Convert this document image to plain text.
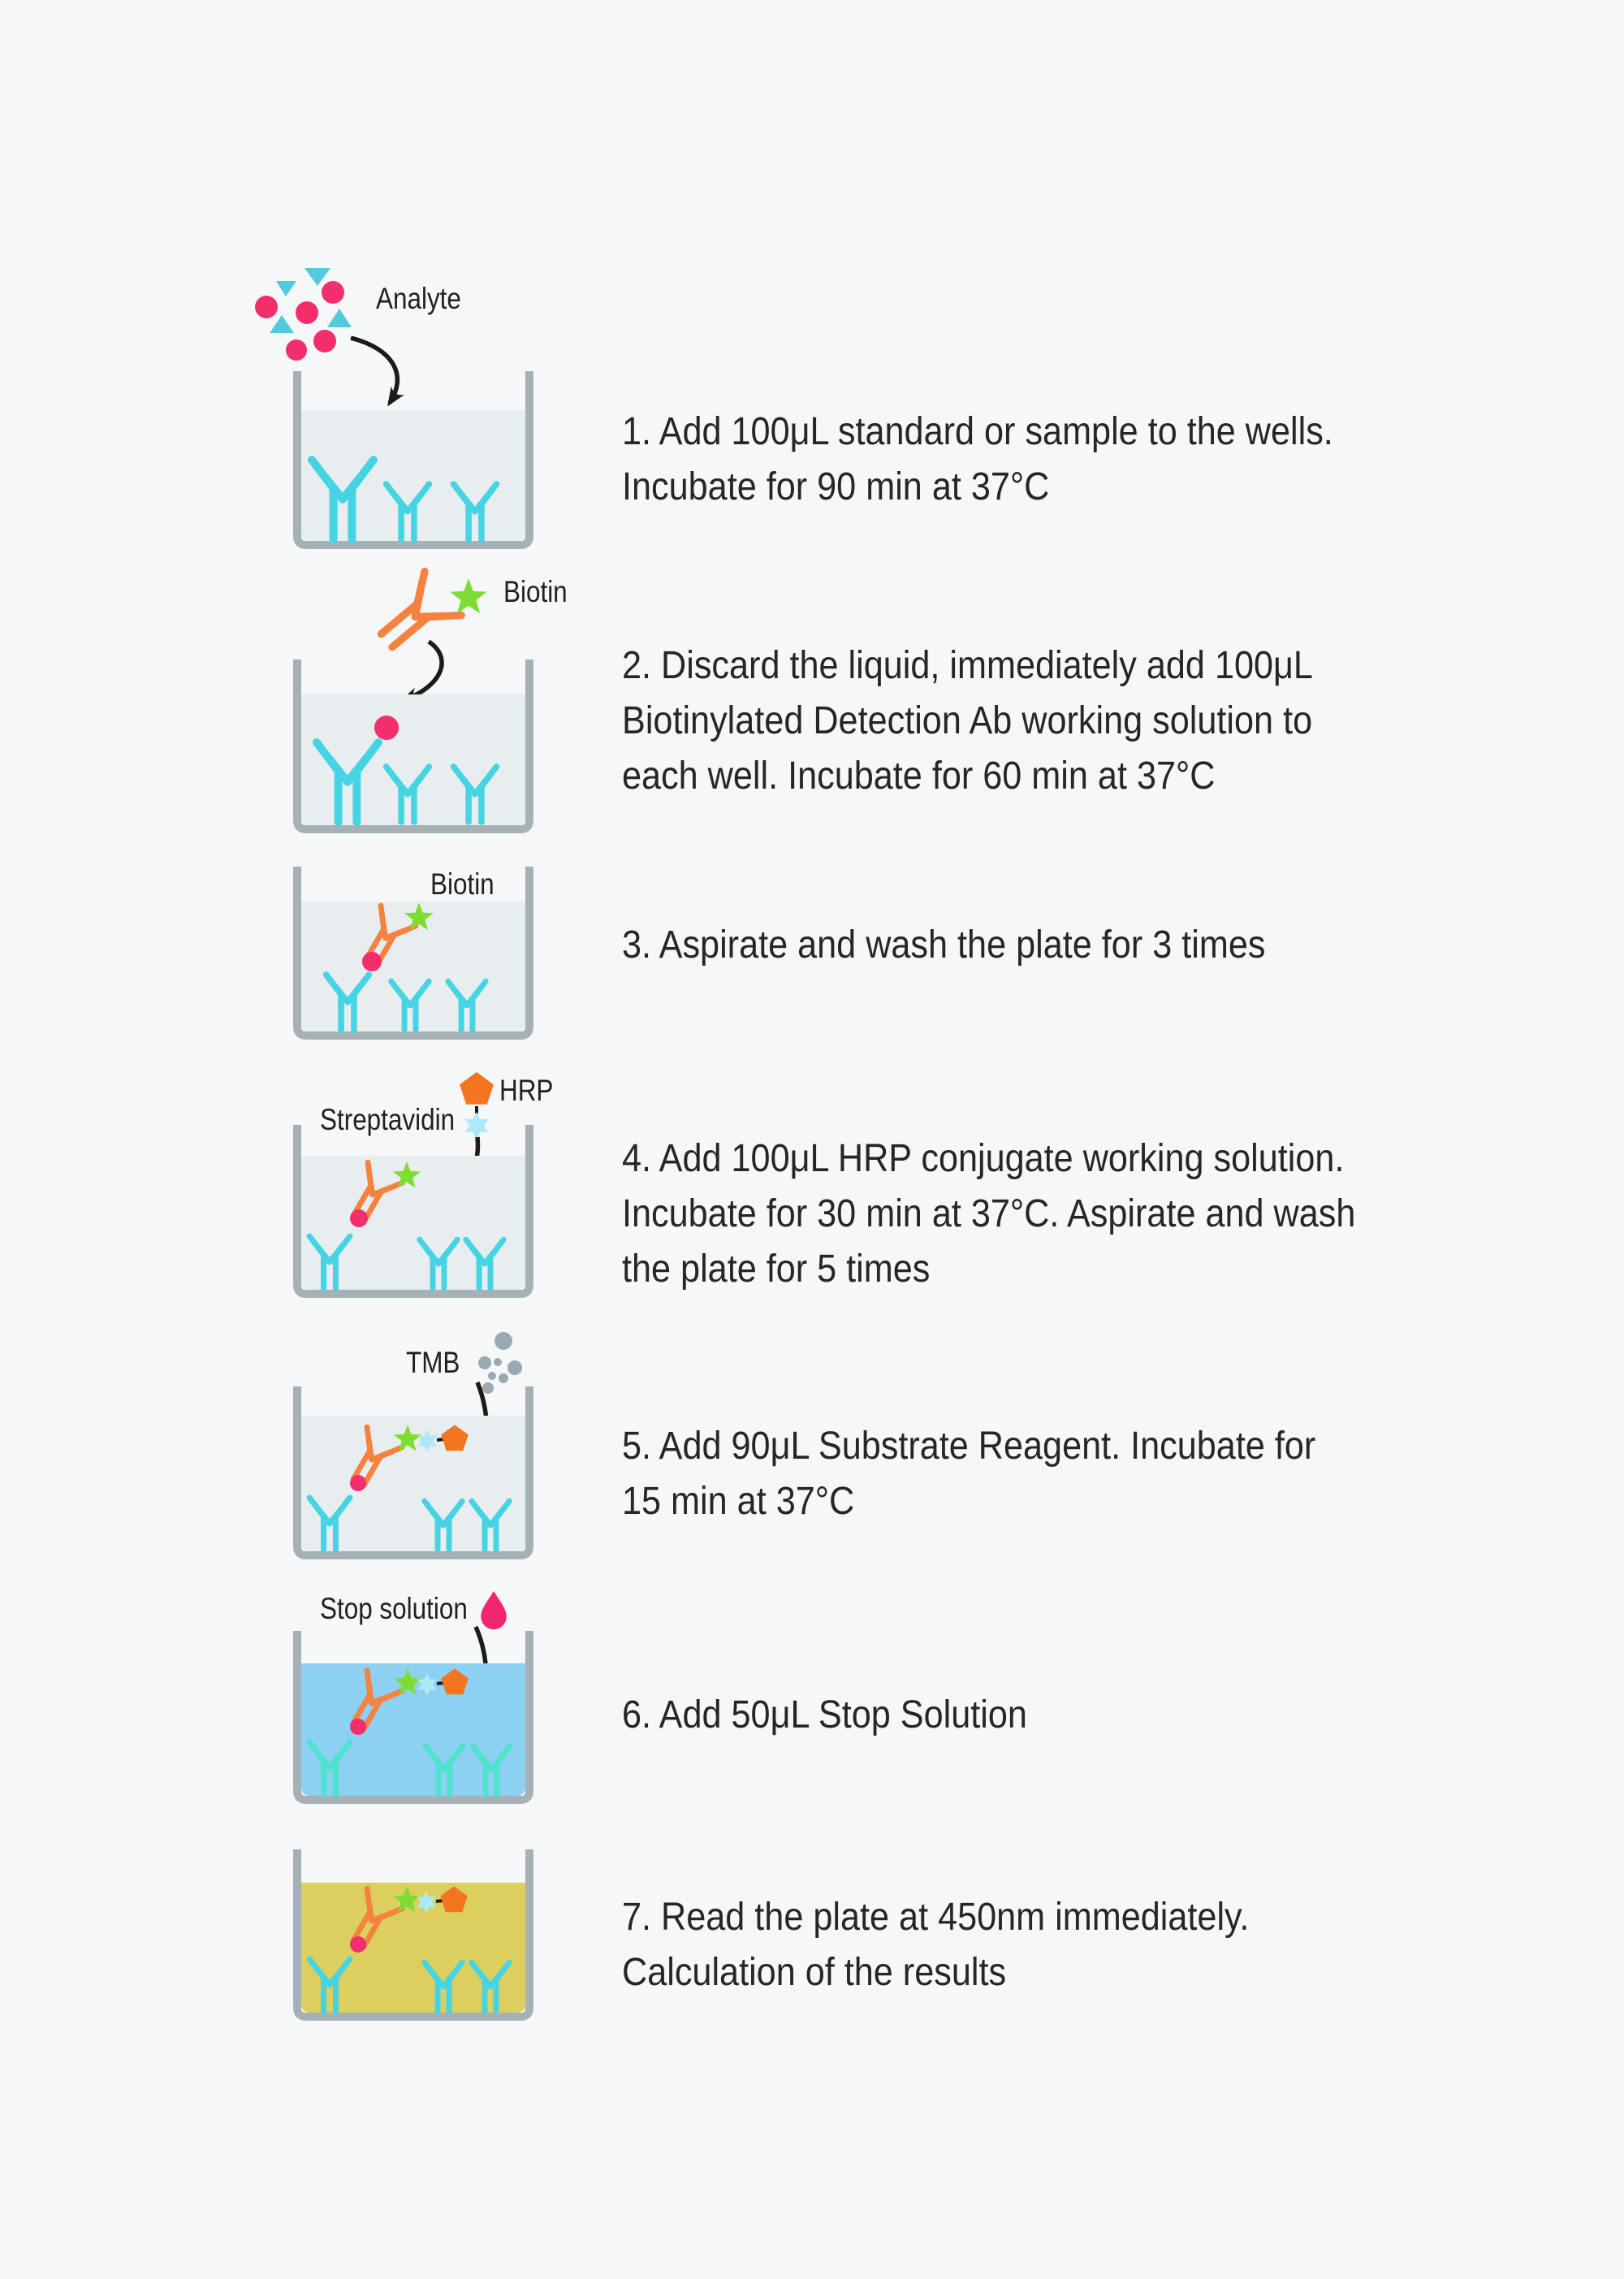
Analyte
Biotin
Biotin
Streptavidin
HRP
TMB
Stop solution
1. Add 100μL standard or sample to the wells.
Incubate for 90 min at 37°C
2. Discard the liquid, immediately add 100μL
Biotinylated Detection Ab working solution to
each well. Incubate for 60 min at 37°C
3. Aspirate and wash the plate for 3 times
4. Add 100μL HRP conjugate working solution.
Incubate for 30 min at 37°C. Aspirate and wash
the plate for 5 times
5. Add 90μL Substrate Reagent. Incubate for
15 min at 37°C
6. Add 50μL Stop Solution
7. Read the plate at 450nm immediately.
Calculation of the results
